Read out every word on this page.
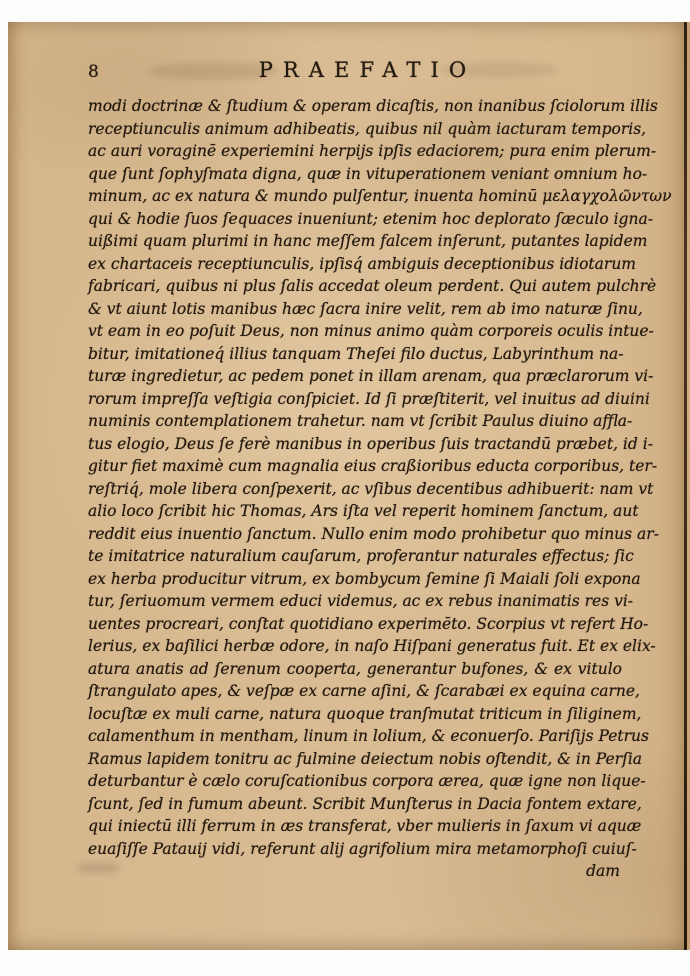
8	PRAEFATIO
modi doctrinæ & ſtudium & operam dicaſtis, non inanibus ſciolorum illis
receptiunculis animum adhibeatis, quibus nil quàm iacturam temporis,
ac auri voraginē experiemini herpijs ipſis edaciorem; pura enim plerum-
que ſunt ſophyſmata digna, quæ in vituperationem veniant omnium ho-
minum, ac ex natura & mundo pulſentur, inuenta hominū μελαγχολῶντων
qui & hodie ſuos ſequaces inueniunt; etenim hoc deplorato ſæculo igna-
uißimi quam plurimi in hanc meſſem falcem inſerunt, putantes lapidem
ex chartaceis receptiunculis, ipſisq́ ambiguis deceptionibus idiotarum
fabricari, quibus ni plus ſalis accedat oleum perdent. Qui autem pulchrè
& vt aiunt lotis manibus hæc ſacra inire velit, rem ab imo naturæ ſinu,
vt eam in eo poſuit Deus, non minus animo quàm corporeis oculis intue-
bitur, imitationeq́ illius tanquam Theſei filo ductus, Labyrinthum na-
turæ ingredietur, ac pedem ponet in illam arenam, qua præclarorum vi-
rorum impreſſa veſtigia conſpiciet. Id ſi præſtiterit, vel inuitus ad diuini
numinis contemplationem trahetur. nam vt ſcribit Paulus diuino affla-
tus elogio, Deus ſe ferè manibus in operibus ſuis tractandū præbet, id i-
gitur fiet maximè cum magnalia eius craßioribus educta corporibus, ter-
reſtriq́, mole libera conſpexerit, ac vſibus decentibus adhibuerit: nam vt
alio loco ſcribit hic Thomas, Ars iſta vel reperit hominem ſanctum, aut
reddit eius inuentio ſanctum. Nullo enim modo prohibetur quo minus ar-
te imitatrice naturalium cauſarum, proferantur naturales effectus; ſic
ex herba producitur vitrum, ex bombycum ſemine ſi Maiali ſoli expona
tur, ſeriuomum vermem educi videmus, ac ex rebus inanimatis res vi-
uentes procreari, conſtat quotidiano experimēto. Scorpius vt refert Ho-
lerius, ex baſilici herbæ odore, in naſo Hiſpani generatus fuit. Et ex elix-
atura anatis ad ſerenum cooperta, generantur bufones, & ex vitulo
ſtrangulato apes, & veſpæ ex carne aſini, & ſcarabæi ex equina carne,
locuſtæ ex muli carne, natura quoque tranſmutat triticum in ſiliginem,
calamenthum in mentham, linum in lolium, & econuerſo. Pariſijs Petrus
Ramus lapidem tonitru ac fulmine deiectum nobis oſtendit, & in Perſia
deturbantur è cælo coruſcationibus corpora ærea, quæ igne non lique-
ſcunt, ſed in fumum abeunt. Scribit Munſterus in Dacia fontem extare,
qui iniectū illi ferrum in æs transferat, vber mulieris in ſaxum vi aquæ
euaſiſſe Patauij vidi, referunt alij agrifolium mira metamorphoſi cuiuſ-
dam
